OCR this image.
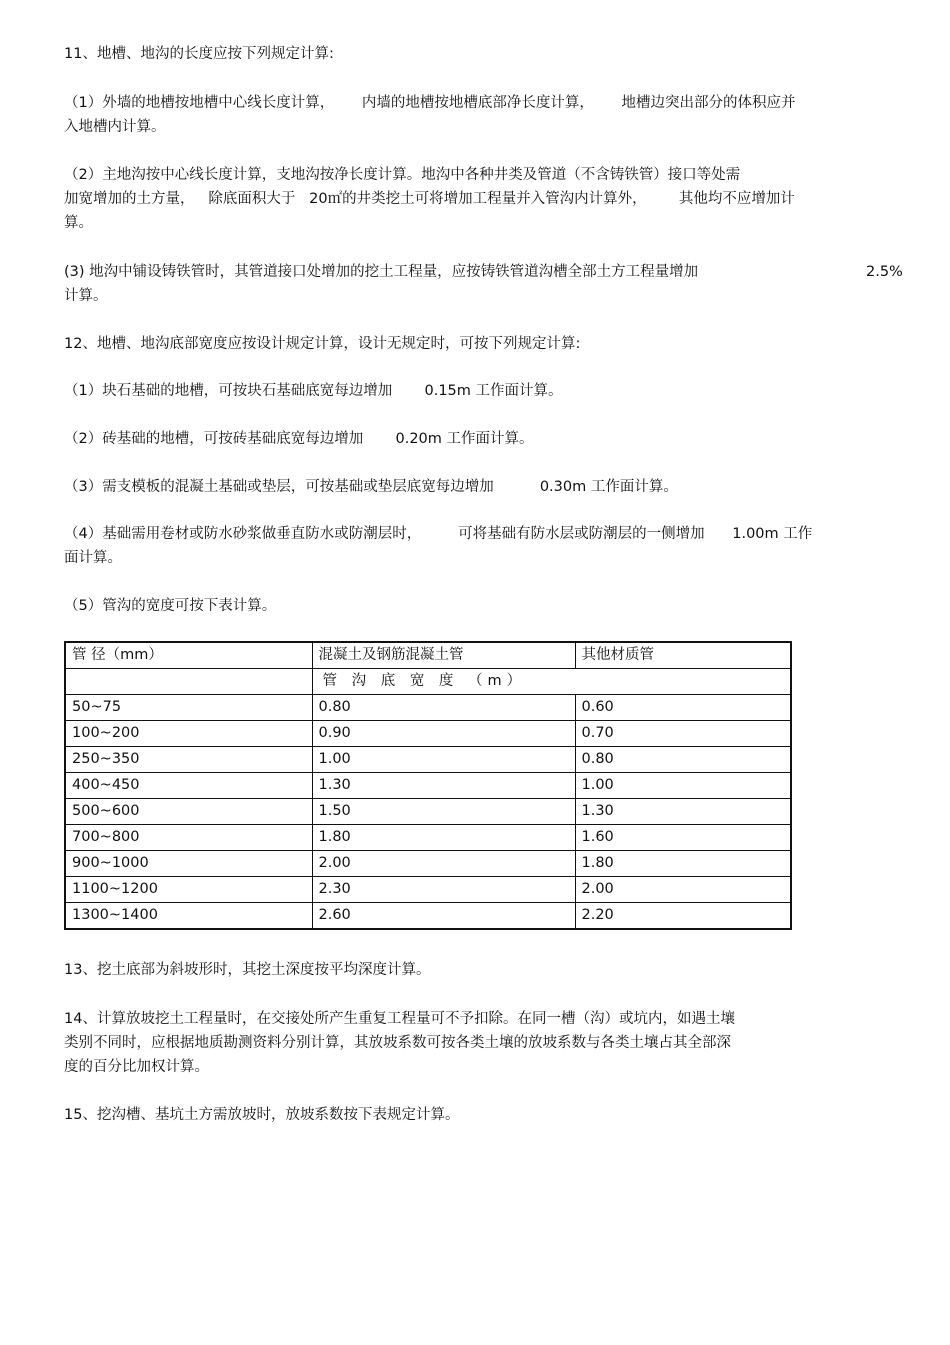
11、地槽、地沟的长度应按下列规定计算:
（1）外墙的地槽按地槽中心线长度计算，      内墙的地槽按地槽底部净长度计算，      地槽边突出部分的体积应并
入地槽内计算。
（2）主地沟按中心线长度计算，支地沟按净长度计算。地沟中各种井类及管道（不含铸铁管）接口等处需
加宽增加的土方量，   除底面积大于   20㎡的井类挖土可将增加工程量并入管沟内计算外，       其他均不应增加计
算。
(3) 地沟中铺设铸铁管时，其管道接口处增加的挖土工程量，应按铸铁管道沟槽全部土方工程量增加	2.5%
计算。
12、地槽、地沟底部宽度应按设计规定计算，设计无规定时，可按下列规定计算:
（1）块石基础的地槽，可按块石基础底宽每边增加       0.15m 工作面计算。
（2）砖基础的地槽，可按砖基础底宽每边增加       0.20m 工作面计算。
（3）需支模板的混凝土基础或垫层，可按基础或垫层底宽每边增加          0.30m 工作面计算。
（4）基础需用卷材或防水砂浆做垂直防水或防潮层时，        可将基础有防水层或防潮层的一侧增加      1.00m 工作
面计算。
（5）管沟的宽度可按下表计算。
管 径（mm）	混凝土及钢筋混凝土管	其他材质管
	管 沟 底 宽 度 （m）	
50~75	0.80	0.60
100~200	0.90	0.70
250~350	1.00	0.80
400~450	1.30	1.00
500~600	1.50	1.30
700~800	1.80	1.60
900~1000	2.00	1.80
1100~1200	2.30	2.00
1300~1400	2.60	2.20
13、挖土底部为斜坡形时，其挖土深度按平均深度计算。
14、计算放坡挖土工程量时，在交接处所产生重复工程量可不予扣除。在同一槽（沟）或坑内，如遇土壤
类别不同时，应根据地质勘测资料分别计算，其放坡系数可按各类土壤的放坡系数与各类土壤占其全部深
度的百分比加权计算。
15、挖沟槽、基坑土方需放坡时，放坡系数按下表规定计算。
